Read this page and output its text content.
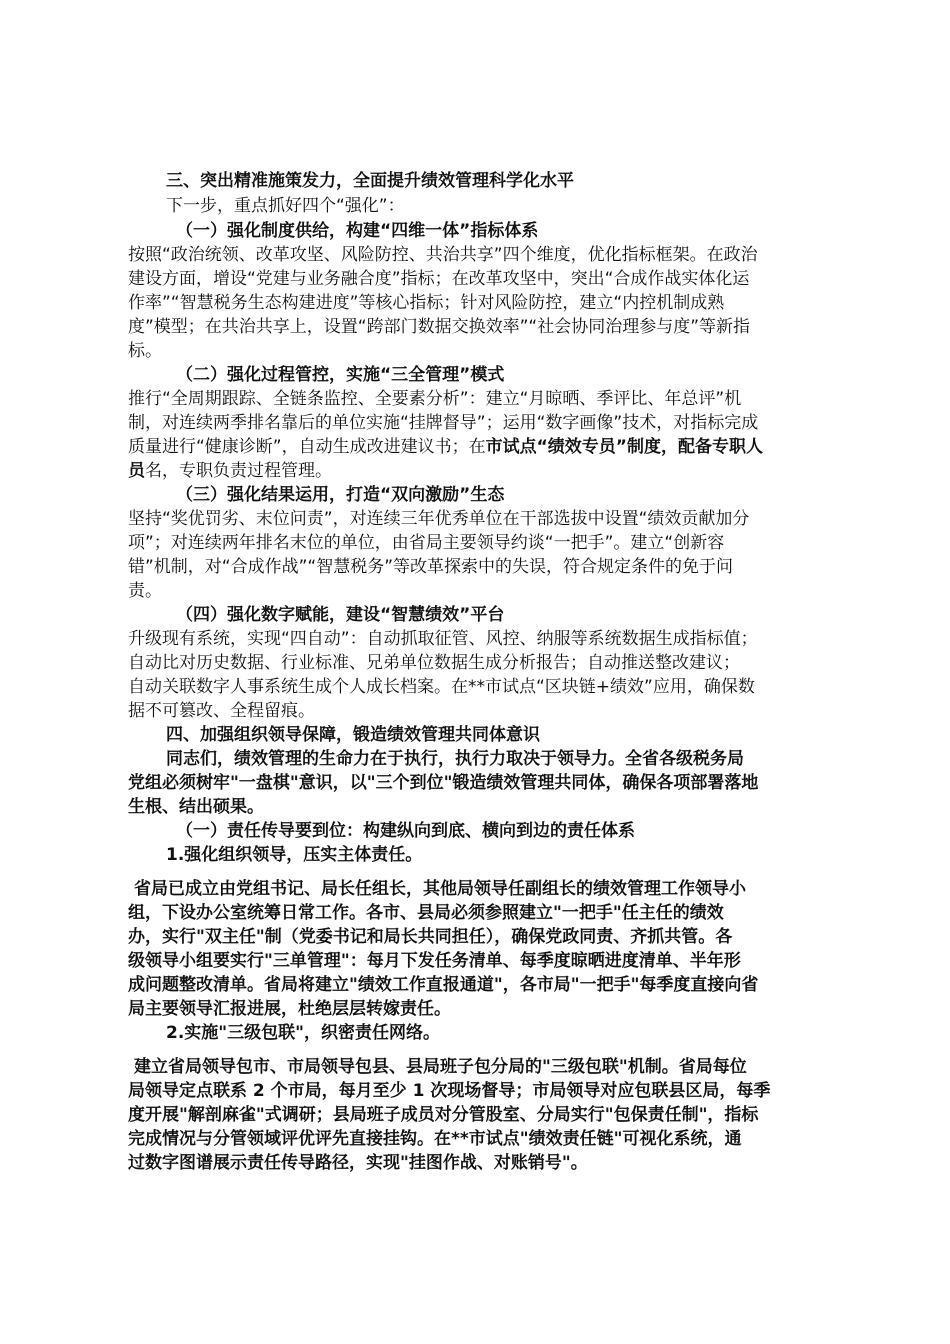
三、突出精准施策发力，全面提升绩效管理科学化水平
下一步，重点抓好四个“强化”：
（一）强化制度供给，构建“四维一体”指标体系
按照“政治统领、改革攻坚、风险防控、共治共享”四个维度，优化指标框架。在政治
建设方面，增设“党建与业务融合度”指标；在改革攻坚中，突出“合成作战实体化运
作率”“智慧税务生态构建进度”等核心指标；针对风险防控，建立“内控机制成熟
度”模型；在共治共享上，设置“跨部门数据交换效率”“社会协同治理参与度”等新指
标。
（二）强化过程管控，实施“三全管理”模式
推行“全周期跟踪、全链条监控、全要素分析”：建立“月晾晒、季评比、年总评”机
制，对连续两季排名靠后的单位实施“挂牌督导”；运用“数字画像”技术，对指标完成
质量进行“健康诊断”，自动生成改进建议书；在市试点“绩效专员”制度，配备专职人
员名，专职负责过程管理。
（三）强化结果运用，打造“双向激励”生态
坚持“奖优罚劣、末位问责”，对连续三年优秀单位在干部选拔中设置“绩效贡献加分
项”；对连续两年排名末位的单位，由省局主要领导约谈“一把手”。建立“创新容
错”机制，对“合成作战”“智慧税务”等改革探索中的失误，符合规定条件的免于问
责。
（四）强化数字赋能，建设“智慧绩效”平台
升级现有系统，实现“四自动”：自动抓取征管、风控、纳服等系统数据生成指标值；
自动比对历史数据、行业标准、兄弟单位数据生成分析报告；自动推送整改建议；
自动关联数字人事系统生成个人成长档案。在**市试点“区块链+绩效”应用，确保数
据不可篡改、全程留痕。
四、加强组织领导保障，锻造绩效管理共同体意识
同志们，绩效管理的生命力在于执行，执行力取决于领导力。全省各级税务局
党组必须树牢"一盘棋"意识，以"三个到位"锻造绩效管理共同体，确保各项部署落地
生根、结出硕果。
（一）责任传导要到位：构建纵向到底、横向到边的责任体系
1.强化组织领导，压实主体责任。
省局已成立由党组书记、局长任组长，其他局领导任副组长的绩效管理工作领导小
组，下设办公室统筹日常工作。各市、县局必须参照建立"一把手"任主任的绩效
办，实行"双主任"制（党委书记和局长共同担任），确保党政同责、齐抓共管。各
级领导小组要实行"三单管理"：每月下发任务清单、每季度晾晒进度清单、半年形
成问题整改清单。省局将建立"绩效工作直报通道"，各市局"一把手"每季度直接向省
局主要领导汇报进展，杜绝层层转嫁责任。
2.实施"三级包联"，织密责任网络。
建立省局领导包市、市局领导包县、县局班子包分局的"三级包联"机制。省局每位
局领导定点联系 2 个市局，每月至少 1 次现场督导；市局领导对应包联县区局，每季
度开展"解剖麻雀"式调研；县局班子成员对分管股室、分局实行"包保责任制"，指标
完成情况与分管领域评优评先直接挂钩。在**市试点"绩效责任链"可视化系统，通
过数字图谱展示责任传导路径，实现"挂图作战、对账销号"。
